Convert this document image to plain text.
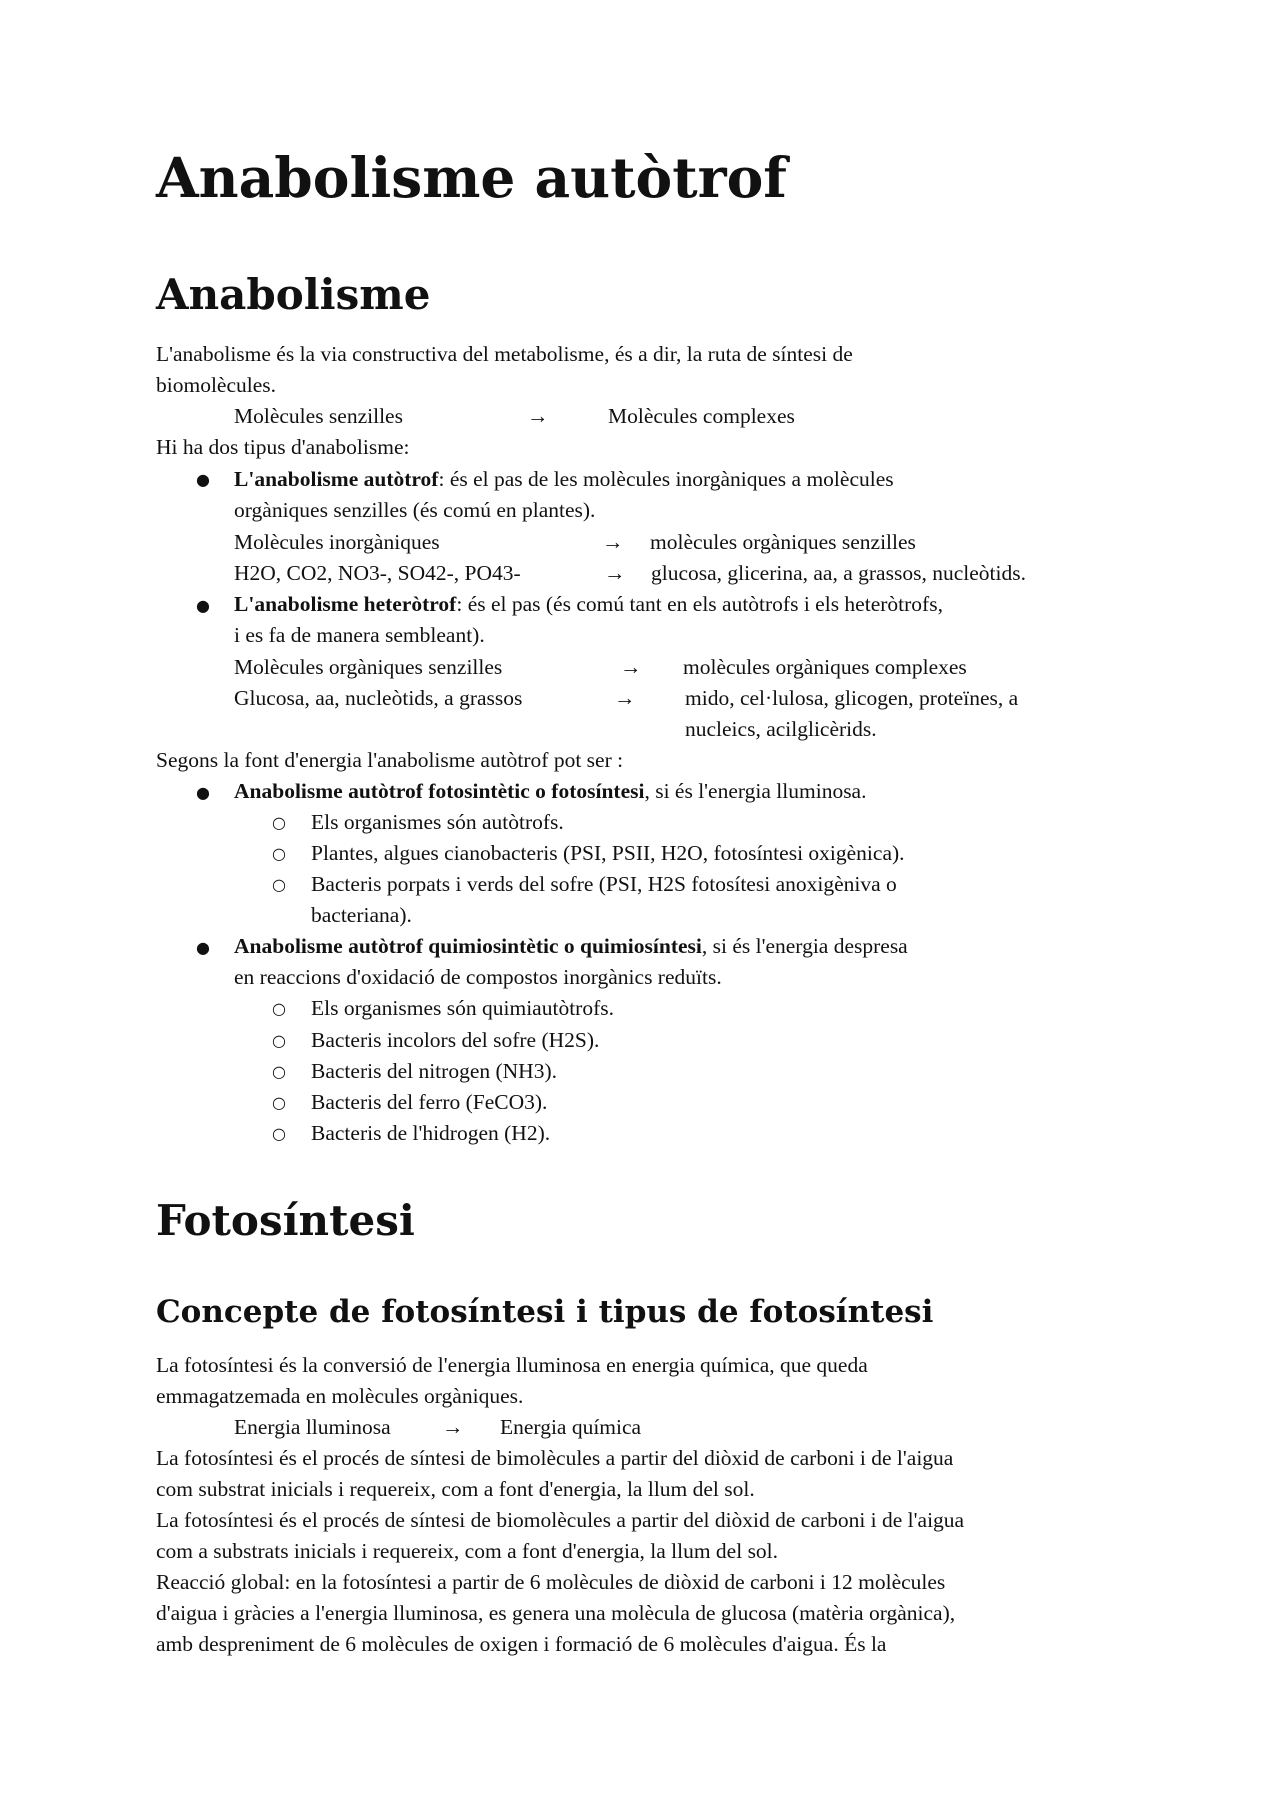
Anabolisme autòtrof
Anabolisme

L'anabolisme és la via constructiva del metabolisme, és a dir, la ruta de síntesi de

biomolècules.

Molècules senzilles	→	Molècules complexes

Hi ha dos tipus d'anabolisme:

● L'anabolisme autòtrof: és el pas de les molècules inorgàniques a molècules

orgàniques senzilles (és comú en plantes).

Molècules inorgàniques	→ molècules orgàniques senzilles

H2O, CO2, NO3-, SO42-, PO43-	→ glucosa, glicerina, aa, a grassos, nucleòtids.

● L'anabolisme heteròtrof: és el pas (és comú tant en els autòtrofs i els heteròtrofs,

i es fa de manera sembleant).

Molècules orgàniques senzilles	→ molècules orgàniques complexes

Glucosa, aa, nucleòtids, a grassos	→ mido, cel·lulosa, glicogen, proteïnes, a

nucleics, acilglicèrids.

Segons la font d'energia l'anabolisme autòtrof pot ser :

● Anabolisme autòtrof fotosintètic o fotosíntesi, si és l'energia lluminosa.

○ Els organismes són autòtrofs.

○ Plantes, algues cianobacteris (PSI, PSII, H2O, fotosíntesi oxigènica).

○ Bacteris porpats i verds del sofre (PSI, H2S fotosítesi anoxigèniva o

bacteriana).

● Anabolisme autòtrof quimiosintètic o quimiosíntesi, si és l'energia despresa

en reaccions d'oxidació de compostos inorgànics reduïts.

○ Els organismes són quimiautòtrofs.

○ Bacteris incolors del sofre (H2S).

○ Bacteris del nitrogen (NH3).

○ Bacteris del ferro (FeCO3).

○ Bacteris de l'hidrogen (H2).

Fotosíntesi
Concepte de fotosíntesi i tipus de fotosíntesi

La fotosíntesi és la conversió de l'energia lluminosa en energia química, que queda

emmagatzemada en molècules orgàniques.

Energia lluminosa → Energia química

La fotosíntesi és el procés de síntesi de bimolècules a partir del diòxid de carboni i de l'aigua

com substrat inicials i requereix, com a font d'energia, la llum del sol.

La fotosíntesi és el procés de síntesi de biomolècules a partir del diòxid de carboni i de l'aigua

com a substrats inicials i requereix, com a font d'energia, la llum del sol.

Reacció global: en la fotosíntesi a partir de 6 molècules de diòxid de carboni i 12 molècules

d'aigua i gràcies a l'energia lluminosa, es genera una molècula de glucosa (matèria orgànica),

amb despreniment de 6 molècules de oxigen i formació de 6 molècules d'aigua. És la
